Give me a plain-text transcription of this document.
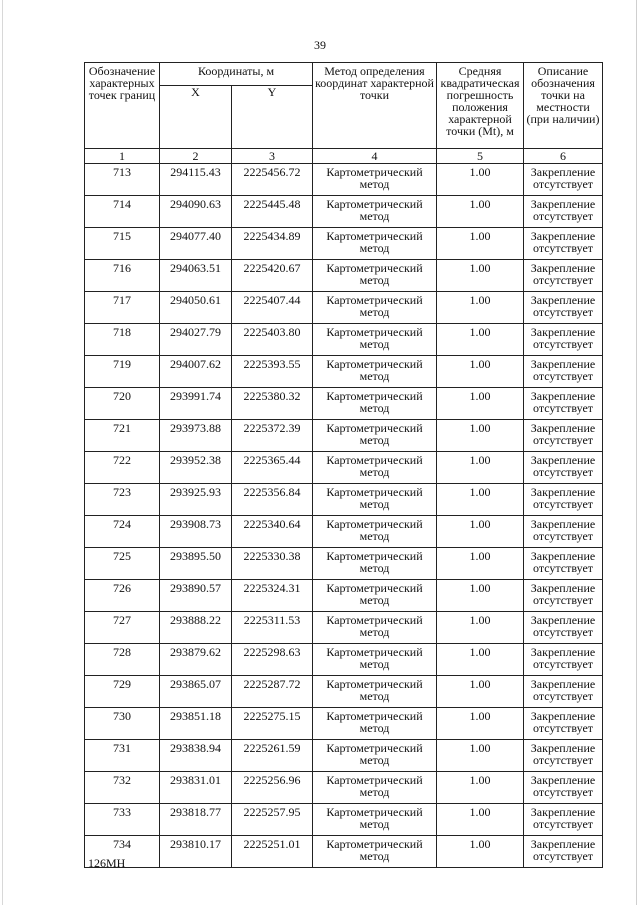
39
Обозначение характерных точек границ	Координаты, м		Метод определения координат характерной точки	Средняя квадратическая погрешность положения характерной точки (Mt), м	Описание обозначения точки на местности (при наличии)
	X	Y			
1	2	3	4	5	6
713	294115.43	2225456.72	Картометрический метод	1.00	Закрепление отсутствует
714	294090.63	2225445.48	Картометрический метод	1.00	Закрепление отсутствует
715	294077.40	2225434.89	Картометрический метод	1.00	Закрепление отсутствует
716	294063.51	2225420.67	Картометрический метод	1.00	Закрепление отсутствует
717	294050.61	2225407.44	Картометрический метод	1.00	Закрепление отсутствует
718	294027.79	2225403.80	Картометрический метод	1.00	Закрепление отсутствует
719	294007.62	2225393.55	Картометрический метод	1.00	Закрепление отсутствует
720	293991.74	2225380.32	Картометрический метод	1.00	Закрепление отсутствует
721	293973.88	2225372.39	Картометрический метод	1.00	Закрепление отсутствует
722	293952.38	2225365.44	Картометрический метод	1.00	Закрепление отсутствует
723	293925.93	2225356.84	Картометрический метод	1.00	Закрепление отсутствует
724	293908.73	2225340.64	Картометрический метод	1.00	Закрепление отсутствует
725	293895.50	2225330.38	Картометрический метод	1.00	Закрепление отсутствует
726	293890.57	2225324.31	Картометрический метод	1.00	Закрепление отсутствует
727	293888.22	2225311.53	Картометрический метод	1.00	Закрепление отсутствует
728	293879.62	2225298.63	Картометрический метод	1.00	Закрепление отсутствует
729	293865.07	2225287.72	Картометрический метод	1.00	Закрепление отсутствует
730	293851.18	2225275.15	Картометрический метод	1.00	Закрепление отсутствует
731	293838.94	2225261.59	Картометрический метод	1.00	Закрепление отсутствует
732	293831.01	2225256.96	Картометрический метод	1.00	Закрепление отсутствует
733	293818.77	2225257.95	Картометрический метод	1.00	Закрепление отсутствует
734	293810.17	2225251.01	Картометрический метод	1.00	Закрепление отсутствует
126МН
